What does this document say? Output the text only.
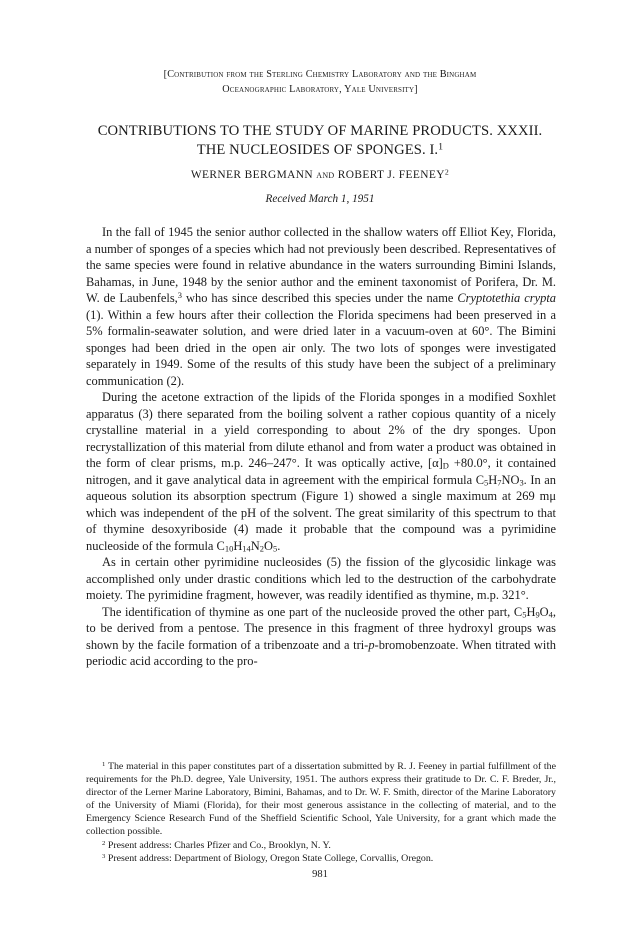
[Contribution from the Sterling Chemistry Laboratory and the Bingham
Oceanographic Laboratory, Yale University]
CONTRIBUTIONS TO THE STUDY OF MARINE PRODUCTS. XXXII.
THE NUCLEOSIDES OF SPONGES. I.$^1$
WERNER BERGMANN and ROBERT J. FEENEY$^2$
Received March 1, 1951

In the fall of 1945 the senior author collected in the shallow waters off Elliot Key, Florida, a number of sponges of a species which had not previously been described. Representatives of the same species were found in relative abundance in the waters surrounding Bimini Islands, Bahamas, in June, 1948 by the senior author and the eminent taxonomist of Porifera, Dr. M. W. de Laubenfels,$^3$ who has since described this species under the name Cryptotethia crypta (1). Within a few hours after their collection the Florida specimens had been preserved in a 5% formalin-seawater solution, and were dried later in a vacuum-oven at 60°. The Bimini sponges had been dried in the open air only. The two lots of sponges were investigated separately in 1949. Some of the results of this study have been the subject of a preliminary communication (2).

During the acetone extraction of the lipids of the Florida sponges in a modified Soxhlet apparatus (3) there separated from the boiling solvent a rather copious quantity of a nicely crystalline material in a yield corresponding to about 2% of the dry sponges. Upon recrystallization of this material from dilute ethanol and from water a product was obtained in the form of clear prisms, m.p. 246–247°. It was optically active, $[\alpha]_D +80.0^\circ$, it contained nitrogen, and it gave analytical data in agreement with the empirical formula $C_5H_7NO_3$. In an aqueous solution its absorption spectrum (Figure 1) showed a single maximum at 269 mμ which was independent of the pH of the solvent. The great similarity of this spectrum to that of thymine desoxyriboside (4) made it probable that the compound was a pyrimidine nucleoside of the formula $C_{10}H_{14}N_2O_5$.

As in certain other pyrimidine nucleosides (5) the fission of the glycosidic linkage was accomplished only under drastic conditions which led to the destruction of the carbohydrate moiety. The pyrimidine fragment, however, was readily identified as thymine, m.p. 321°.

The identification of thymine as one part of the nucleoside proved the other part, $C_5H_9O_4$, to be derived from a pentose. The presence in this fragment of three hydroxyl groups was shown by the facile formation of a tribenzoate and a tri-p-bromobenzoate. When titrated with periodic acid according to the pro-

$^1$ The material in this paper constitutes part of a dissertation submitted by R. J. Feeney in partial fulfillment of the requirements for the Ph.D. degree, Yale University, 1951. The authors express their gratitude to Dr. C. F. Breder, Jr., director of the Lerner Marine Laboratory, Bimini, Bahamas, and to Dr. W. F. Smith, director of the Marine Laboratory of the University of Miami (Florida), for their most generous assistance in the collecting of material, and to the Emergency Science Research Fund of the Sheffield Scientific School, Yale University, for a grant which made the collection possible.

$^2$ Present address: Charles Pfizer and Co., Brooklyn, N. Y.

$^3$ Present address: Department of Biology, Oregon State College, Corvallis, Oregon.

981
